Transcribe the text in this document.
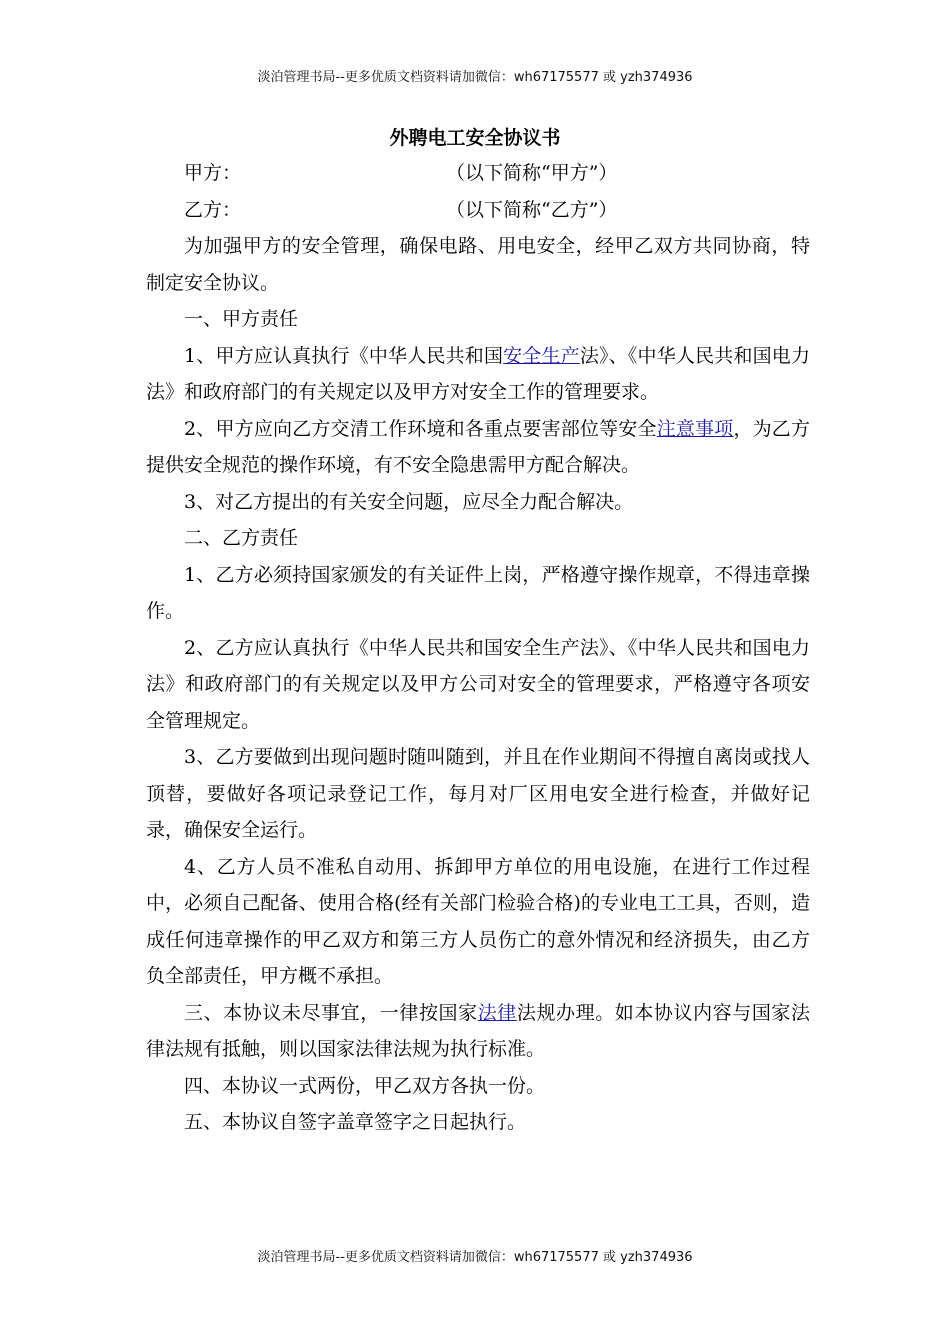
淡泊管理书局--更多优质文档资料请加微信：wh67175577 或 yzh374936
外聘电工安全协议书

甲方：	（以下简称“甲方”）

乙方：	（以下简称“乙方”）

为加强甲方的安全管理，确保电路、用电安全，经甲乙双方共同协商，特制定安全协议。

一、甲方责任

1、甲方应认真执行《中华人民共和国安全生产法》、《中华人民共和国电力法》和政府部门的有关规定以及甲方对安全工作的管理要求。

2、甲方应向乙方交清工作环境和各重点要害部位等安全注意事项，为乙方提供安全规范的操作环境，有不安全隐患需甲方配合解决。

3、对乙方提出的有关安全问题，应尽全力配合解决。

二、乙方责任

1、乙方必须持国家颁发的有关证件上岗，严格遵守操作规章，不得违章操作。

2、乙方应认真执行《中华人民共和国安全生产法》、《中华人民共和国电力法》和政府部门的有关规定以及甲方公司对安全的管理要求，严格遵守各项安全管理规定。

3、乙方要做到出现问题时随叫随到，并且在作业期间不得擅自离岗或找人顶替，要做好各项记录登记工作，每月对厂区用电安全进行检查，并做好记录，确保安全运行。

4、乙方人员不准私自动用、拆卸甲方单位的用电设施，在进行工作过程中，必须自己配备、使用合格(经有关部门检验合格)的专业电工工具，否则，造成任何违章操作的甲乙双方和第三方人员伤亡的意外情况和经济损失，由乙方负全部责任，甲方概不承担。

三、本协议未尽事宜，一律按国家法律法规办理。如本协议内容与国家法律法规有抵触，则以国家法律法规为执行标准。

四、本协议一式两份，甲乙双方各执一份。

五、本协议自签字盖章签字之日起执行。

淡泊管理书局--更多优质文档资料请加微信：wh67175577 或 yzh374936
